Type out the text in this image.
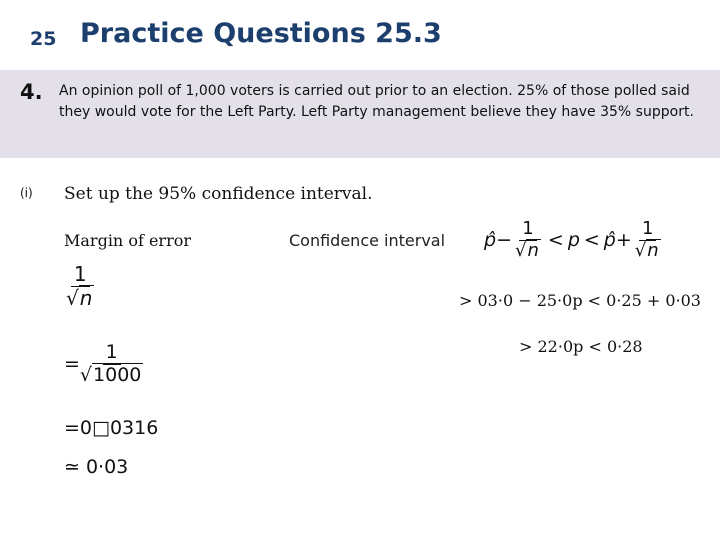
25 Practice Questions 25.3
4. An opinion poll of 1,000 voters is carried out prior to an election. 25% of those polled said they would vote for the Left Party. Left Party management believe they have 35% support.
(i) Set up the 95% confidence interval.
Margin of error	Confidence interval p̂ − $\frac{1}{√n} < p$ < p̂ + $\frac{1}{√n}$
$\frac{1}{√n}$
= $\frac{1}{√1000}$
=0□0316
≃ 0·03
> 03·0 − 25·0p < 0·25 + 0·03
> 22·0p < 0·28
